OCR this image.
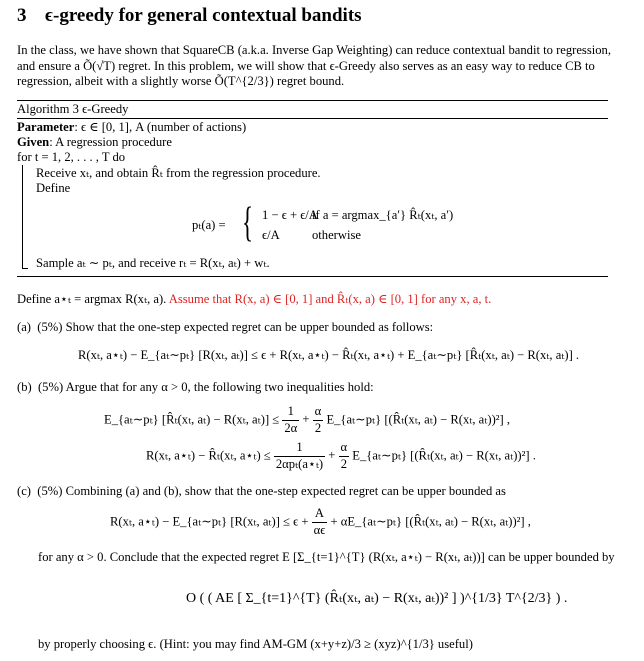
3 ϵ-greedy for general contextual bandits
In the class, we have shown that SquareCB (a.k.a. Inverse Gap Weighting) can reduce contextual bandit to regression, and ensure a Õ(√T) regret. In this problem, we will show that ϵ-Greedy also serves as an easy way to reduce CB to regression, albeit with a slightly worse Õ(T^{2/3}) regret bound.
Algorithm 3 ϵ-Greedy
Parameter: ϵ ∈ [0, 1], A (number of actions)
Given: A regression procedure
for t = 1, 2, . . . , T do
Receive xₜ, and obtain R̂ₜ from the regression procedure.
Define
pₜ(a) = { 1 − ϵ + ϵ/A
if a = argmax_{a′} R̂ₜ(xₜ, a′)
ϵ/A	otherwise
Sample aₜ ∼ pₜ, and receive rₜ = R(xₜ, aₜ) + wₜ.
Define a⋆ₜ = argmax R(xₜ, a). Assume that R(x, a) ∈ [0, 1] and R̂ₜ(x, a) ∈ [0, 1] for any x, a, t.
(a) (5%) Show that the one-step expected regret can be upper bounded as follows:
R(xₜ, a⋆ₜ) − E_{aₜ∼pₜ} [R(xₜ, aₜ)] ≤ ϵ + R(xₜ, a⋆ₜ) − R̂ₜ(xₜ, a⋆ₜ) + E_{aₜ∼pₜ} [R̂ₜ(xₜ, aₜ) − R(xₜ, aₜ)] .
(b) (5%) Argue that for any α > 0, the following two inequalities hold:
E_{aₜ∼pₜ} [R̂ₜ(xₜ, aₜ) − R(xₜ, $a_t)] \le \frac{1}{2\alpha} + \frac{\alpha}{2}$ E_{aₜ∼pₜ} [(R̂ₜ(xₜ, aₜ) − R(xₜ, aₜ))²] ,
R(xₜ, a⋆ₜ) − R̂ₜ(xₜ, a⋆ₜ) ≤ $\frac{1}{\text{2αpₜ(a⋆ₜ)}} + \frac{\alpha}{2}$ E_{aₜ∼pₜ} [(R̂ₜ(xₜ, aₜ) − R(xₜ, aₜ))²] .
(c) (5%) Combining (a) and (b), show that the one-step expected regret can be upper bounded as
R(xₜ, a⋆ₜ) − E_{aₜ∼pₜ} [R(xₜ, $a_t)] \le \epsilon + \frac{A}{\alpha\epsilon}$ + αE_{aₜ∼pₜ} [(R̂ₜ(xₜ, aₜ) − R(xₜ, aₜ))²] ,
for any α > 0. Conclude that the expected regret E [Σ_{t=1}^{T} (R(xₜ, a⋆ₜ) − R(xₜ, aₜ))] can be upper bounded by
O ( ( AE [ Σ_{t=1}^{T} (R̂ₜ(xₜ, aₜ) − R(xₜ, aₜ))² ] )^{1/3} T^{2/3} ) .
by properly choosing ϵ. (Hint: you may find AM-GM (x+y+z)/3 ≥ (xyz)^{1/3} useful)
